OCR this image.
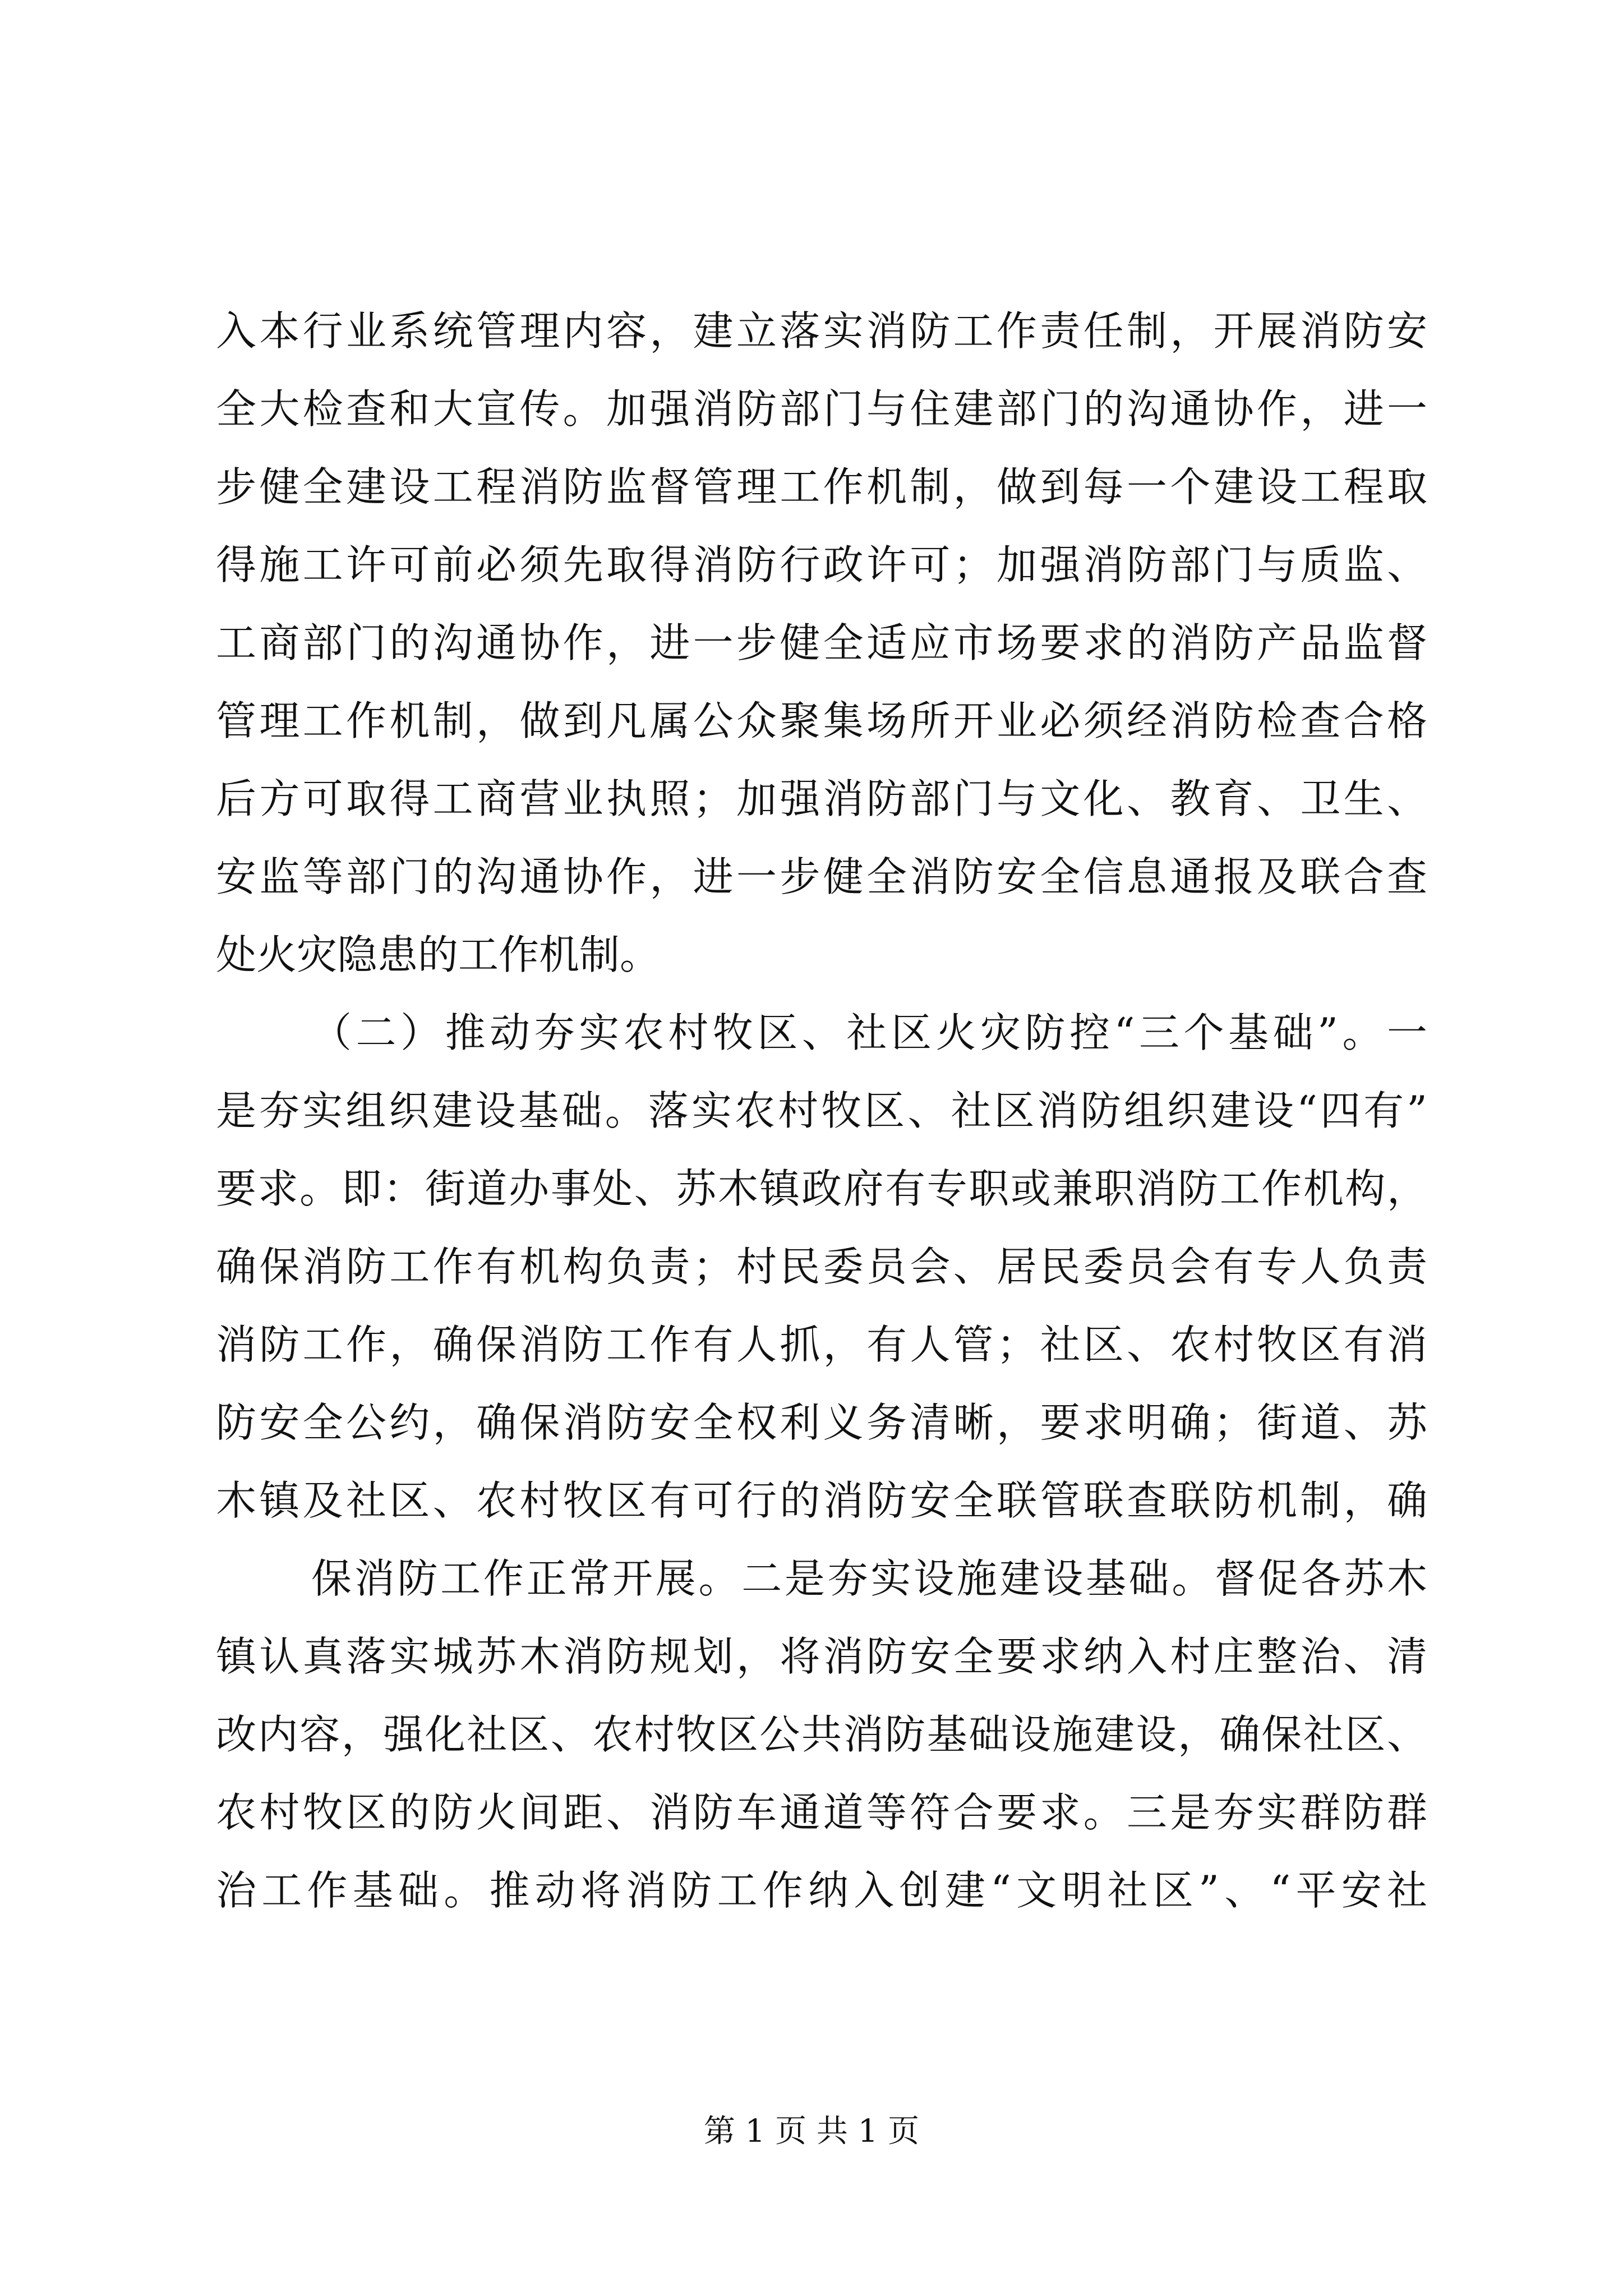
入本行业系统管理内容，建立落实消防工作责任制，开展消防安
全大检查和大宣传。加强消防部门与住建部门的沟通协作，进一
步健全建设工程消防监督管理工作机制，做到每一个建设工程取
得施工许可前必须先取得消防行政许可；加强消防部门与质监、
工商部门的沟通协作，进一步健全适应市场要求的消防产品监督
管理工作机制，做到凡属公众聚集场所开业必须经消防检查合格
后方可取得工商营业执照；加强消防部门与文化、教育、卫生、
安监等部门的沟通协作，进一步健全消防安全信息通报及联合查
处火灾隐患的工作机制。
（二）推动夯实农村牧区、社区火灾防控“三个基础”。一
是夯实组织建设基础。落实农村牧区、社区消防组织建设“四有”
要求。即：街道办事处、苏木镇政府有专职或兼职消防工作机构，
确保消防工作有机构负责；村民委员会、居民委员会有专人负责
消防工作，确保消防工作有人抓，有人管；社区、农村牧区有消
防安全公约，确保消防安全权利义务清晰，要求明确；街道、苏
木镇及社区、农村牧区有可行的消防安全联管联查联防机制，确
保消防工作正常开展。二是夯实设施建设基础。督促各苏木
镇认真落实城苏木消防规划，将消防安全要求纳入村庄整治、清
改内容，强化社区、农村牧区公共消防基础设施建设，确保社区、
农村牧区的防火间距、消防车通道等符合要求。三是夯实群防群
治工作基础。推动将消防工作纳入创建“文明社区”、“平安社
第 1 页 共 1 页
